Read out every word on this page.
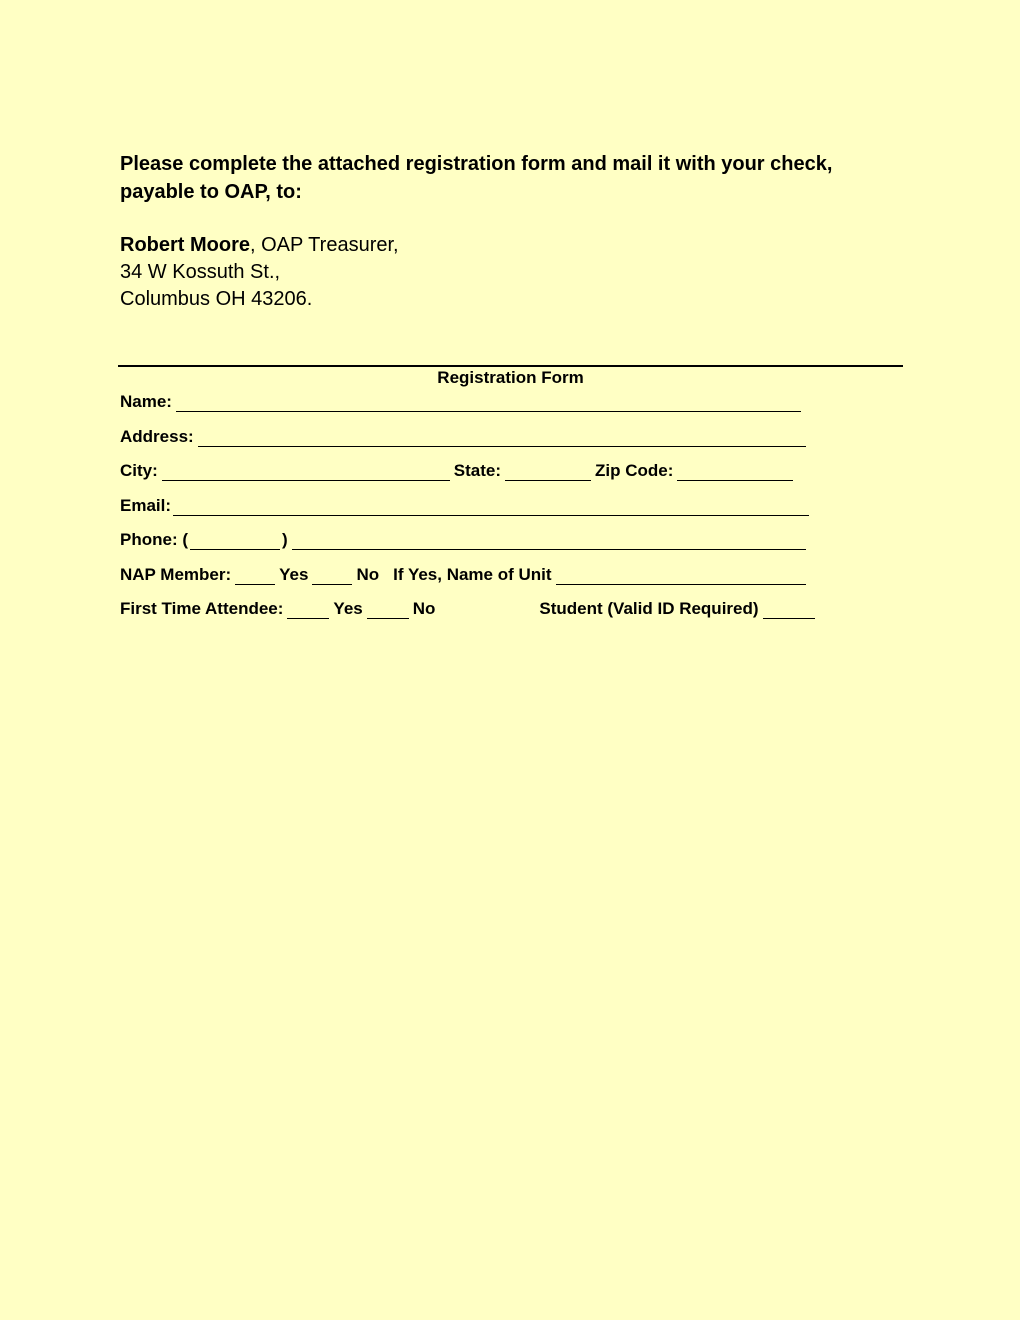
Please complete the attached registration form and mail it with your check, payable to OAP, to:

Robert Moore, OAP Treasurer,
34 W Kossuth St.,
Columbus OH 43206.
Registration Form
Name:
Address:
City:	State:	Zip Code:
Email:
Phone: (	)
NAP Member:	Yes	No If Yes, Name of Unit
First Time Attendee:	Yes	No	Student (Valid ID Required)
